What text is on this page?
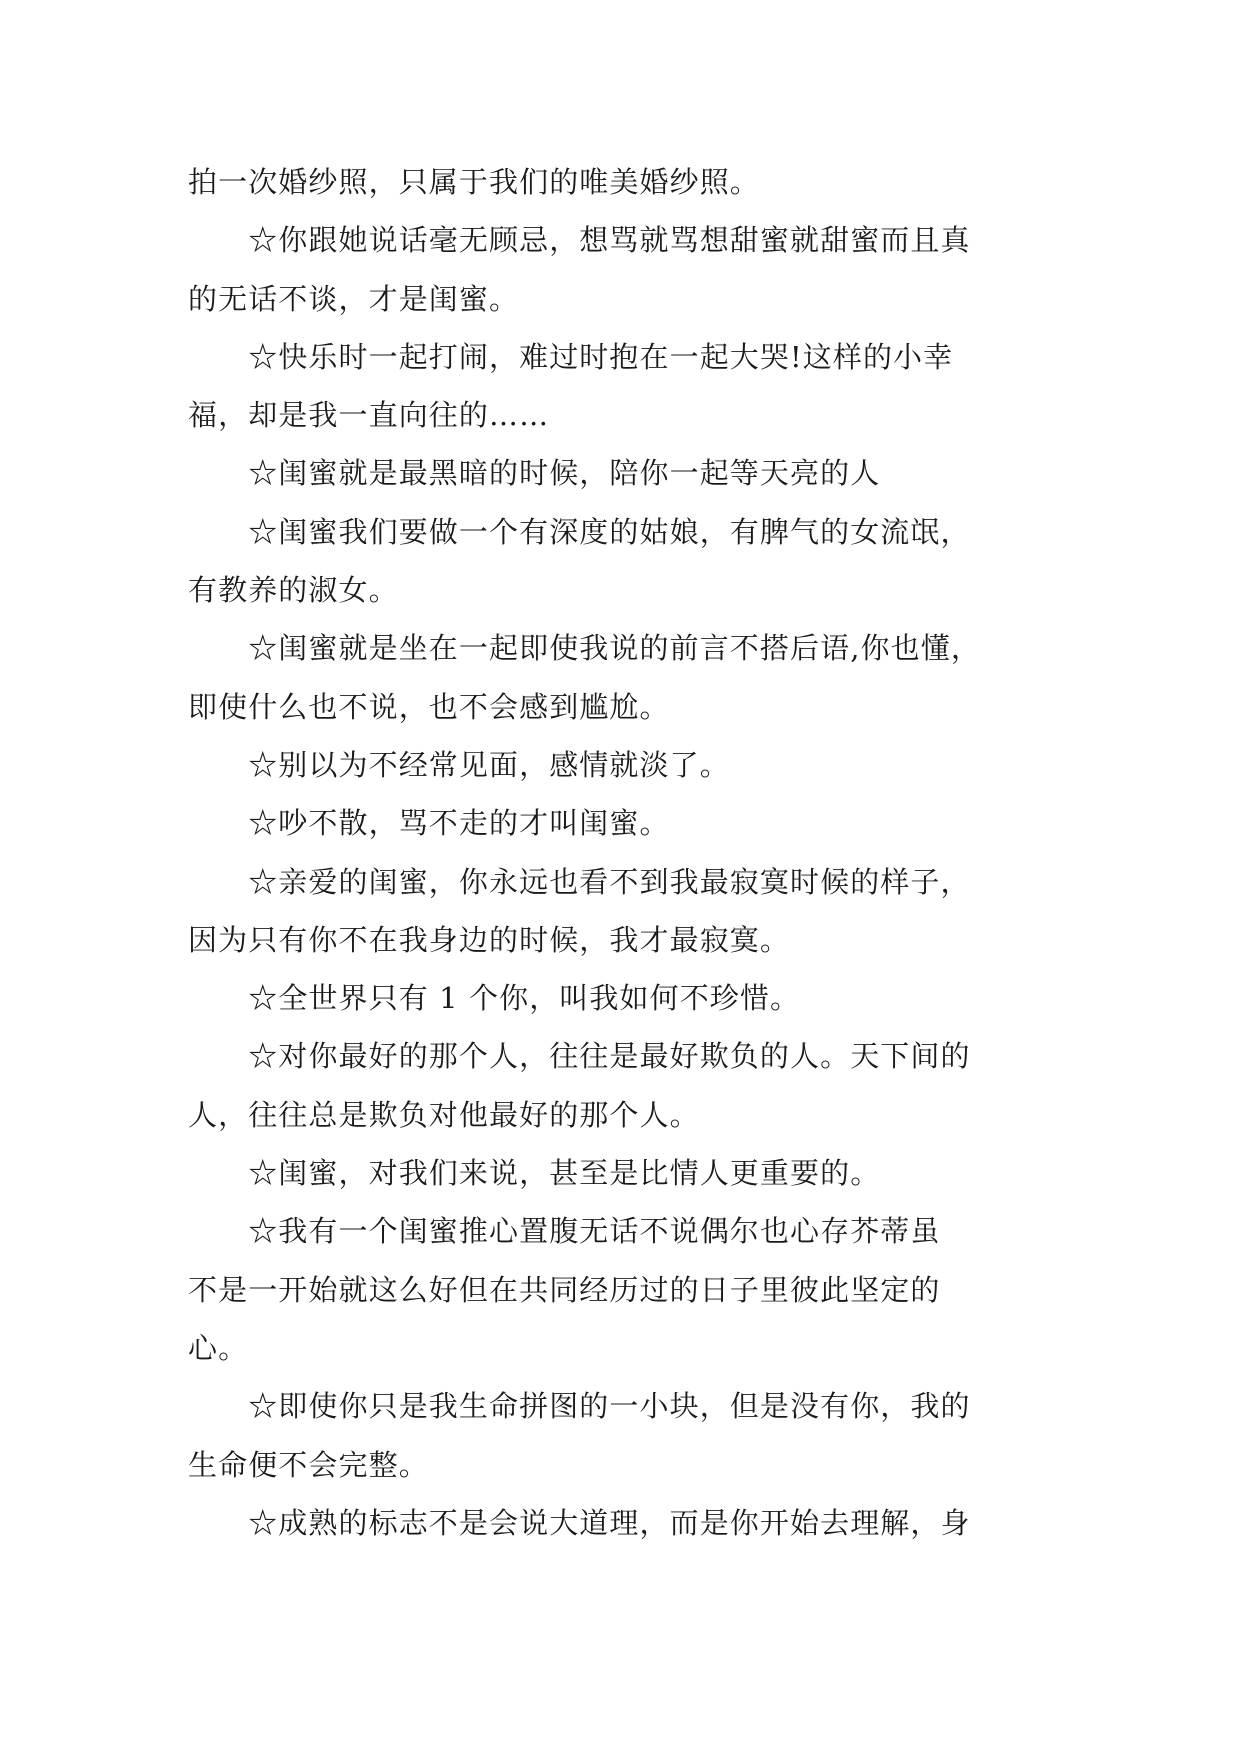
拍一次婚纱照，只属于我们的唯美婚纱照。

　　☆你跟她说话毫无顾忌，想骂就骂想甜蜜就甜蜜而且真
的无话不谈，才是闺蜜。

　　☆快乐时一起打闹，难过时抱在一起大哭!这样的小幸
福，却是我一直向往的……

　　☆闺蜜就是最黑暗的时候，陪你一起等天亮的人

　　☆闺蜜我们要做一个有深度的姑娘，有脾气的女流氓，
有教养的淑女。

　　☆闺蜜就是坐在一起即使我说的前言不搭后语,你也懂，
即使什么也不说，也不会感到尴尬。

　　☆别以为不经常见面，感情就淡了。

　　☆吵不散，骂不走的才叫闺蜜。

　　☆亲爱的闺蜜，你永远也看不到我最寂寞时候的样子，
因为只有你不在我身边的时候，我才最寂寞。

　　☆全世界只有 1 个你，叫我如何不珍惜。

　　☆对你最好的那个人，往往是最好欺负的人。天下间的
人，往往总是欺负对他最好的那个人。

　　☆闺蜜，对我们来说，甚至是比情人更重要的。

　　☆我有一个闺蜜推心置腹无话不说偶尔也心存芥蒂虽
不是一开始就这么好但在共同经历过的日子里彼此坚定的
心。

　　☆即使你只是我生命拼图的一小块，但是没有你，我的
生命便不会完整。

　　☆成熟的标志不是会说大道理，而是你开始去理解，身
